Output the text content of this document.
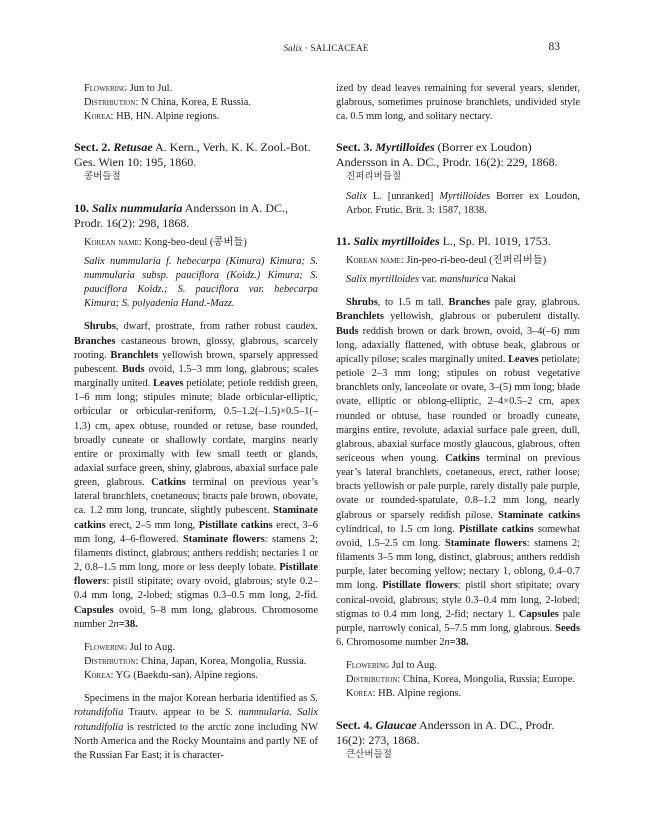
Salix · SALICACEAE	83

Flowering Jun to Jul.

Distribution: N China, Korea, E Russia.

Korea: HB, HN. Alpine regions.

Sect. 2. Retusae A. Kern., Verh. K. K. Zool.-Bot. Ges. Wien 10: 195, 1860.

콩버들절

10. Salix nummularia Andersson in A. DC., Prodr. 16(2): 298, 1868.

Korean name: Kong-beo-deul (콩버들)

Salix nummularia f. hebecarpa (Kimura) Kimura; S. nummularia subsp. pauciflora (Koidz.) Kimura; S. pauciflora Koidz.; S. pauciflora var. hebecarpa Kimura; S. polyadenia Hand.-Mazz.

Shrubs, dwarf, prostrate, from rather robust caudex. Branches castaneous brown, glossy, glabrous, scarcely rooting. Branchlets yellowish brown, sparsely appressed pubescent. Buds ovoid, 1.5–3 mm long, glabrous; scales marginally united. Leaves petiolate; petiole reddish green, 1–6 mm long; stipules minute; blade orbicular-elliptic, orbicular or orbicular-reniform, 0.5–1.2(–1.5)×0.5–1(–1.3) cm, apex obtuse, rounded or retuse, base rounded, broadly cuneate or shallowly cordate, margins nearly entire or proximally with few small teeth or glands, adaxial surface green, shiny, glabrous, abaxial surface pale green, glabrous. Catkins terminal on previous year’s lateral branchlets, coetaneous; bracts pale brown, obovate, ca. 1.2 mm long, truncate, slightly pubescent. Staminate catkins erect, 2–5 mm long, Pistillate catkins erect, 3–6 mm long, 4–6-flowered. Staminate flowers: stamens 2; filaments distinct, glabrous; anthers reddish; nectaries 1 or 2, 0.8–1.5 mm long, more or less deeply lobate. Pistillate flowers: pistil stipitate; ovary ovoid, glabrous; style 0.2–0.4 mm long, 2-lobed; stigmas 0.3–0.5 mm long, 2-fid. Capsules ovoid, 5–8 mm long, glabrous. Chromosome number 2n=38.

Flowering Jul to Aug.

Distribution: China, Japan, Korea, Mongolia, Russia.

Korea: YG (Baekdu-san). Alpine regions.

Specimens in the major Korean herbaria identified as S. rotundifolia Trautv. appear to be S. nummularia. Salix rotundifolia is restricted to the arctic zone including NW North America and the Rocky Mountains and partly NE of the Russian Far East; it is character-

ized by dead leaves remaining for several years, slender, glabrous, sometimes pruinose branchlets, undivided style ca. 0.5 mm long, and solitary nectary.

Sect. 3. Myrtilloides (Borrer ex Loudon) Andersson in A. DC., Prodr. 16(2): 229, 1868.

진퍼리버들절

Salix L. [unranked] Myrtilloides Borrer ex Loudon, Arbor. Frutic. Brit. 3: 1587, 1838.

11. Salix myrtilloides L., Sp. Pl. 1019, 1753.

Korean name: Jin-peo-ri-beo-deul (진퍼리버들)

Salix myrtilloides var. manshurica Nakai

Shrubs, to 1.5 m tall. Branches pale gray, glabrous. Branchlets yellowish, glabrous or puberulent distally. Buds reddish brown or dark brown, ovoid, 3–4(–6) mm long, adaxially flattened, with obtuse beak, glabrous or apically pilose; scales marginally united. Leaves petiolate; petiole 2–3 mm long; stipules on robust vegetative branchlets only, lanceolate or ovate, 3–(5) mm long; blade ovate, elliptic or oblong-elliptic, 2–4×0.5–2 cm, apex rounded or obtuse, base rounded or broadly cuneate, margins entire, revolute, adaxial surface pale green, dull, glabrous, abaxial surface mostly glaucous, glabrous, often sericeous when young. Catkins terminal on previous year’s lateral branchlets, coetaneous, erect, rather loose; bracts yellowish or pale purple, rarely distally pale purple, ovate or rounded-spatulate, 0.8–1.2 mm long, nearly glabrous or sparsely reddish pilose. Staminate catkins cylindrical, to 1.5 cm long. Pistillate catkins somewhat ovoid, 1.5–2.5 cm long. Staminate flowers: stamens 2; filaments 3–5 mm long, distinct, glabrous; anthers reddish purple, later becoming yellow; nectary 1, oblong, 0.4–0.7 mm long. Pistillate flowers: pistil short stipitate; ovary conical-ovoid, glabrous; style 0.3–0.4 mm long, 2-lobed; stigmas to 0.4 mm long, 2-fid; nectary 1. Capsules pale purple, narrowly conical, 5–7.5 mm long, glabrous. Seeds 6. Chromosome number 2n=38.

Flowering Jul to Aug.

Distribution: China, Korea, Mongolia, Russia; Europe.

Korea: HB. Alpine regions.

Sect. 4. Glaucae Andersson in A. DC., Prodr. 16(2): 273, 1868.

큰산버들절
